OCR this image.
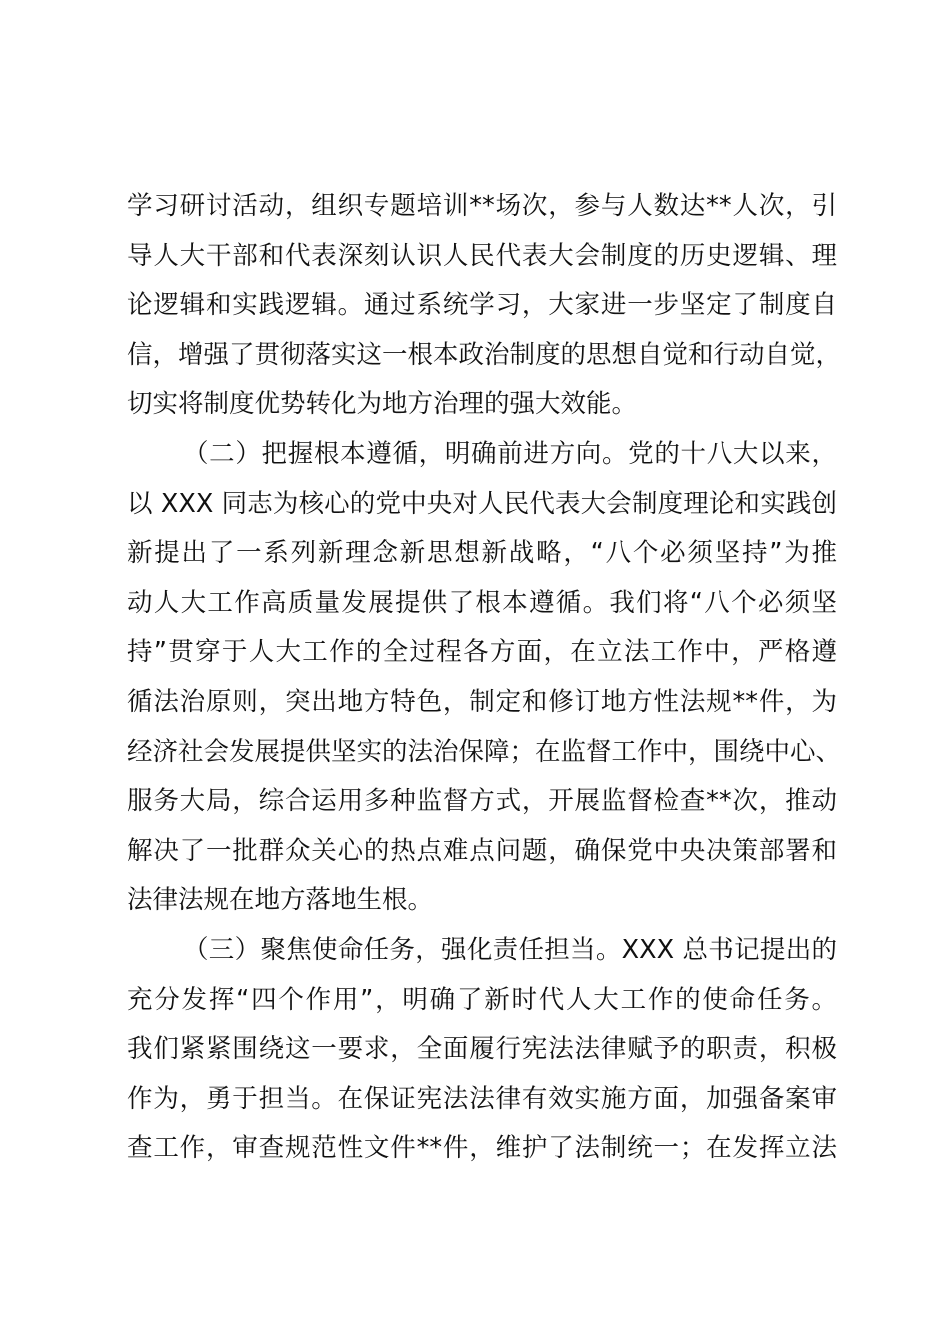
学习研讨活动，组织专题培训**场次，参与人数达**人次，引
导人大干部和代表深刻认识人民代表大会制度的历史逻辑、理
论逻辑和实践逻辑。通过系统学习，大家进一步坚定了制度自
信，增强了贯彻落实这一根本政治制度的思想自觉和行动自觉，
切实将制度优势转化为地方治理的强大效能。
（二）把握根本遵循，明确前进方向。党的十八大以来，
以 XXX 同志为核心的党中央对人民代表大会制度理论和实践创
新提出了一系列新理念新思想新战略，“八个必须坚持”为推
动人大工作高质量发展提供了根本遵循。我们将“八个必须坚
持”贯穿于人大工作的全过程各方面，在立法工作中，严格遵
循法治原则，突出地方特色，制定和修订地方性法规**件，为
经济社会发展提供坚实的法治保障；在监督工作中，围绕中心、
服务大局，综合运用多种监督方式，开展监督检查**次，推动
解决了一批群众关心的热点难点问题，确保党中央决策部署和
法律法规在地方落地生根。
（三）聚焦使命任务，强化责任担当。XXX 总书记提出的
充分发挥“四个作用”，明确了新时代人大工作的使命任务。
我们紧紧围绕这一要求，全面履行宪法法律赋予的职责，积极
作为，勇于担当。在保证宪法法律有效实施方面，加强备案审
查工作，审查规范性文件**件，维护了法制统一；在发挥立法
